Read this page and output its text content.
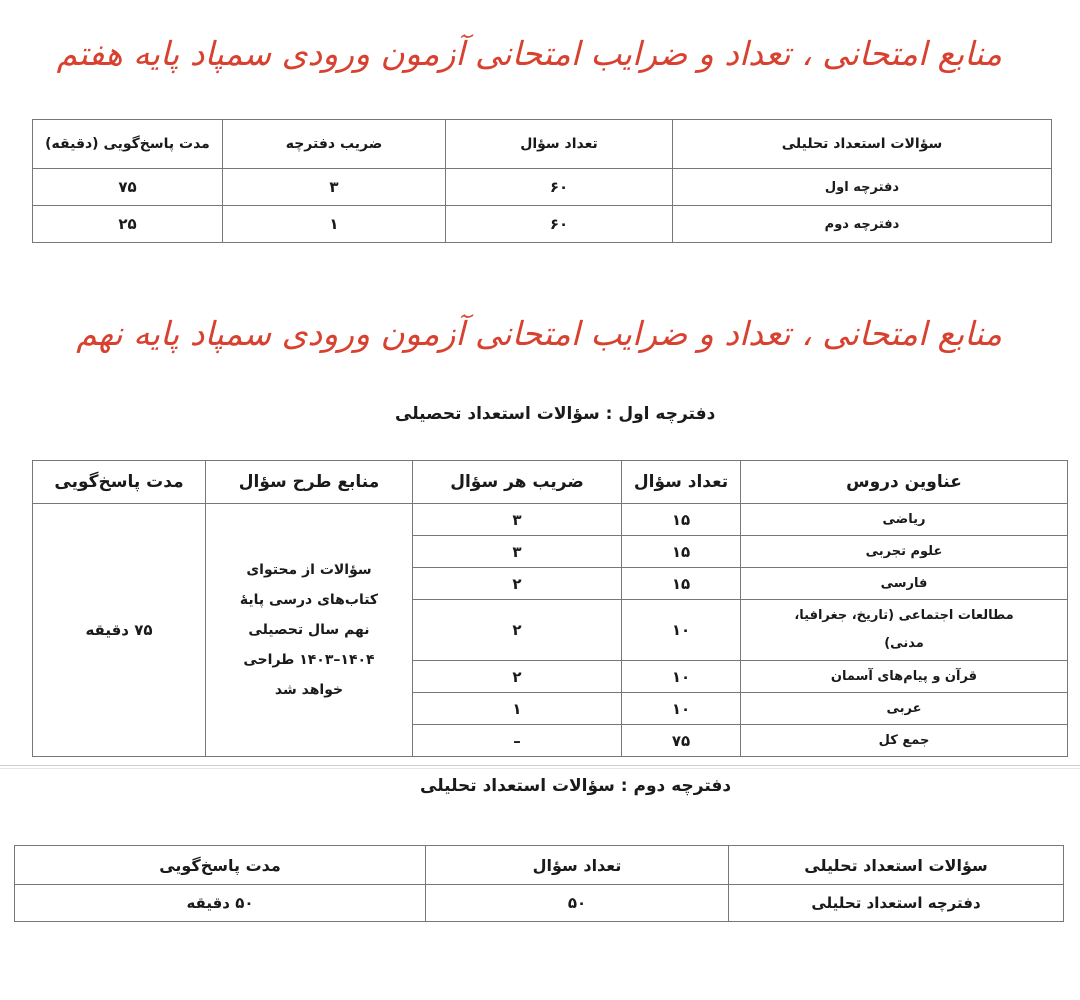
منابع امتحانی ، تعداد و ضرایب امتحانی آزمون ورودی سمپاد پایه هفتم
سؤالات استعداد تحلیلی	تعداد سؤال	ضریب دفترچه	مدت پاسخ‌گویی (دقیقه)
دفترچه اول	۶۰	۳	۷۵
دفترچه دوم	۶۰	۱	۲۵
منابع امتحانی ، تعداد و ضرایب امتحانی آزمون ورودی سمپاد پایه نهم
دفترچه اول : سؤالات استعداد تحصیلی
عناوین دروس	تعداد سؤال	ضریب هر سؤال	منابع طرح سؤال	مدت پاسخ‌گویی
ریاضی	۱۵	۳	سؤالات از محتوای کتاب‌های درسی پایهٔ نهم سال تحصیلی ۱۴۰۴–۱۴۰۳ طراحی خواهد شد	۷۵ دقیقه
علوم تجربی	۱۵	۳		
فارسی	۱۵	۲		
مطالعات اجتماعی (تاریخ، جغرافیا، مدنی)	۱۰	۲		
قرآن و پیام‌های آسمان	۱۰	۲		
عربی	۱۰	۱		
جمع کل	۷۵	–		
دفترچه دوم : سؤالات استعداد تحلیلی
سؤالات استعداد تحلیلی	تعداد سؤال	مدت پاسخ‌گویی
دفترچه استعداد تحلیلی	۵۰	۵۰ دقیقه
